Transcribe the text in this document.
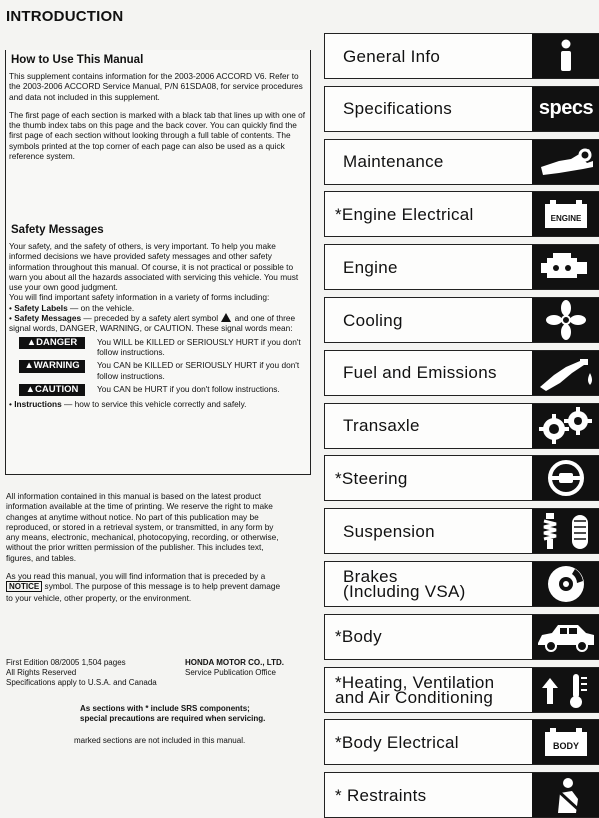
INTRODUCTION
How to Use This Manual

This supplement contains information for the 2003-2006 ACCORD V6. Refer to the 2003-2006 ACCORD Service Manual, P/N 61SDA08, for service procedures and data not included in this supplement.

The first page of each section is marked with a black tab that lines up with one of the thumb index tabs on this page and the back cover. You can quickly find the first page of each section without looking through a full table of contents. The symbols printed at the top corner of each page can also be used as a quick reference system.

Safety Messages

Your safety, and the safety of others, is very important. To help you make informed decisions we have provided safety messages and other safety information throughout this manual. Of course, it is not practical or possible to warn you about all the hazards associated with servicing this vehicle. You must use your own good judgment.

You will find important safety information in a variety of forms including:

• Safety Labels — on the vehicle.
• Safety Messages — preceded by a safety alert symbol  and one of three signal words, DANGER, WARNING, or CAUTION. These signal words mean:
▲DANGER	You WILL be KILLED or SERIOUSLY HURT if you don't follow instructions.
▲WARNING	You CAN be KILLED or SERIOUSLY HURT if you don't follow instructions.
▲CAUTION	You CAN be HURT if you don't follow instructions.
• Instructions — how to service this vehicle correctly and safely.

All information contained in this manual is based on the latest product information available at the time of printing. We reserve the right to make changes at anytime without notice. No part of this publication may be reproduced, or stored in a retrieval system, or transmitted, in any form by any means, electronic, mechanical, photocopying, recording, or otherwise, without the prior written permission of the publisher. This includes text, figures, and tables.

As you read this manual, you will find information that is preceded by a NOTICE symbol. The purpose of this message is to help prevent damage to your vehicle, other property, or the environment.

First Edition 08/2005 1,504 pages
All Rights Reserved
Specifications apply to U.S.A. and Canada
HONDA MOTOR CO., LTD.
Service Publication Office
As sections with * include SRS components;
special precautions are required when servicing.
marked sections are not included in this manual.
General Info
Specifications	specs
Maintenance
*Engine Electrical	ENGINE
Engine
Cooling
Fuel and Emissions
Transaxle
*Steering
Suspension
Brakes
(Including VSA)
*Body
*Heating, Ventilation
and Air Conditioning
*Body Electrical	BODY
* Restraints
